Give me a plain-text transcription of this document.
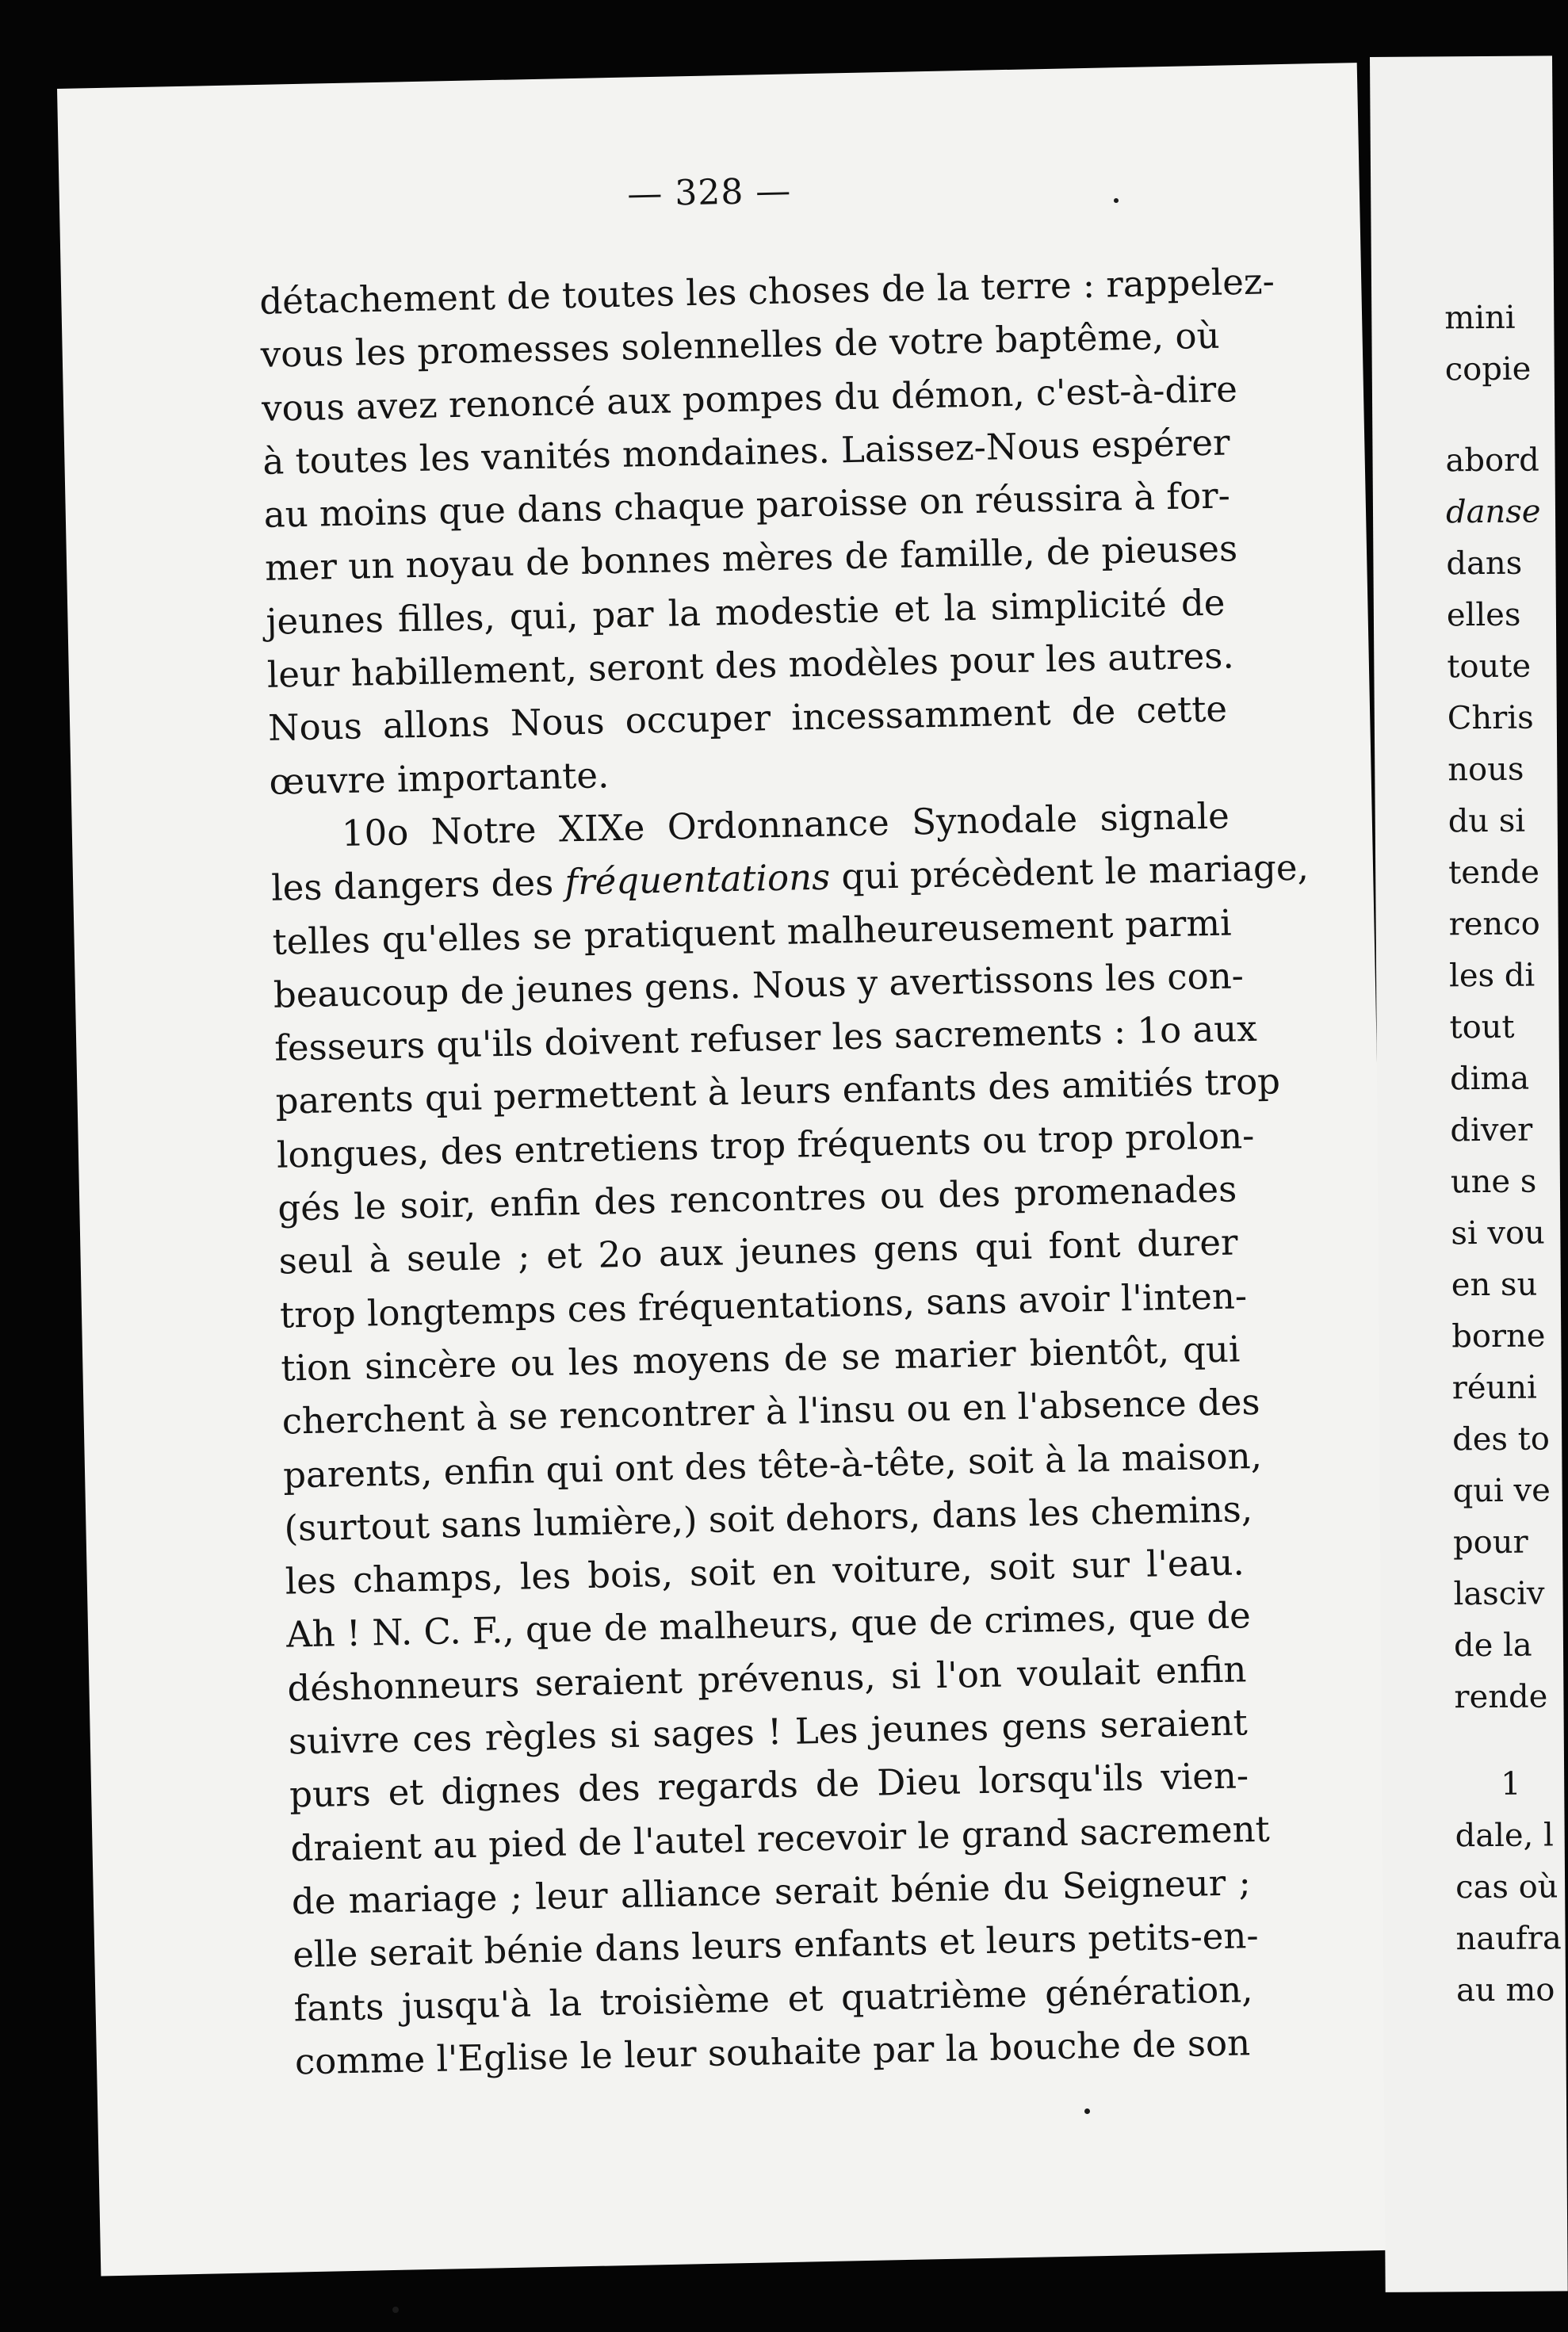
— 328 —
détachement de toutes les choses de la terre : rappelez-
vous les promesses solennelles de votre baptême, où
vous avez renoncé aux pompes du démon, c'est-à-dire
à toutes les vanités mondaines. Laissez-Nous espérer
au moins que dans chaque paroisse on réussira à for-
mer un noyau de bonnes mères de famille, de pieuses
jeunes filles, qui, par la modestie et la simplicité de
leur habillement, seront des modèles pour les autres.
Nous allons Nous occuper incessamment de cette
œuvre importante.
10o Notre XIXe Ordonnance Synodale signale
les dangers des fréquentations qui précèdent le mariage,
telles qu'elles se pratiquent malheureusement parmi
beaucoup de jeunes gens. Nous y avertissons les con-
fesseurs qu'ils doivent refuser les sacrements : 1o aux
parents qui permettent à leurs enfants des amitiés trop
longues, des entretiens trop fréquents ou trop prolon-
gés le soir, enfin des rencontres ou des promenades
seul à seule ; et 2o aux jeunes gens qui font durer
trop longtemps ces fréquentations, sans avoir l'inten-
tion sincère ou les moyens de se marier bientôt, qui
cherchent à se rencontrer à l'insu ou en l'absence des
parents, enfin qui ont des tête-à-tête, soit à la maison,
(surtout sans lumière,) soit dehors, dans les chemins,
les champs, les bois, soit en voiture, soit sur l'eau.
Ah ! N. C. F., que de malheurs, que de crimes, que de
déshonneurs seraient prévenus, si l'on voulait enfin
suivre ces règles si sages ! Les jeunes gens seraient
purs et dignes des regards de Dieu lorsqu'ils vien-
draient au pied de l'autel recevoir le grand sacrement
de mariage ; leur alliance serait bénie du Seigneur ;
elle serait bénie dans leurs enfants et leurs petits-en-
fants jusqu'à la troisième et quatrième génération,
comme l'Eglise le leur souhaite par la bouche de son
mini
copie
abord
danse
dans
elles
toute
Chris
nous
du si
tende
renco
les di
tout
dima
diver
une s
si vou
en su
borne
réuni
des to
qui ve
pour
lasciv
de la
rende
1
dale, l
cas où
naufra
au mo
